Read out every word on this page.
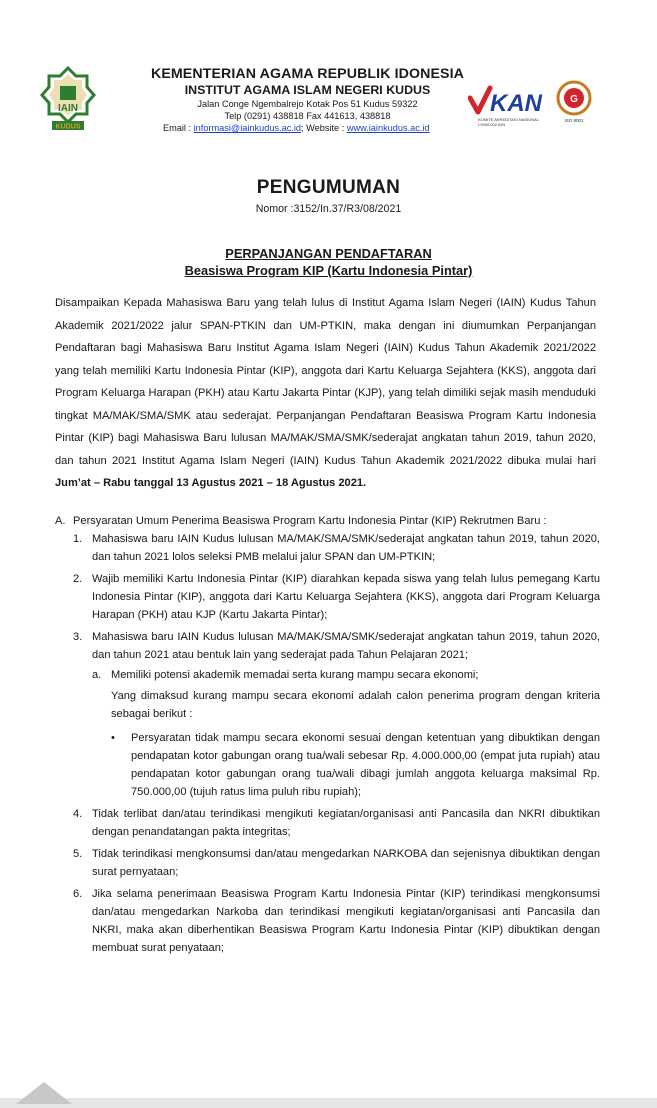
IAIN
KUDUS
KEMENTERIAN AGAMA REPUBLIK IDONESIA
INSTITUT AGAMA ISLAM NEGERI KUDUS
Jalan Conge Ngembalrejo Kotak Pos 51 Kudus 59322
Telp (0291) 438818 Fax 441613, 438818
Email : informasi@iainkudus.ac.id; Website : www.iainkudus.ac.id
KAN
KOMITE AKREDITASI NASIONAL LSSM-002-IDN
G
ISO 9001
PENGUMUMAN
Nomor :3152/In.37/R3/08/2021
PERPANJANGAN PENDAFTARAN
Beasiswa Program KIP (Kartu Indonesia Pintar)
Disampaikan Kepada Mahasiswa Baru yang telah lulus di Institut Agama Islam Negeri (IAIN) Kudus Tahun Akademik 2021/2022 jalur SPAN-PTKIN dan UM-PTKIN, maka dengan ini diumumkan Perpanjangan Pendaftaran bagi Mahasiswa Baru Institut Agama Islam Negeri (IAIN) Kudus Tahun Akademik 2021/2022 yang telah memiliki Kartu Indonesia Pintar (KIP), anggota dari Kartu Keluarga Sejahtera (KKS), anggota dari Program Keluarga Harapan (PKH) atau Kartu Jakarta Pintar (KJP), yang telah dimiliki sejak masih menduduki tingkat MA/MAK/SMA/SMK atau sederajat. Perpanjangan Pendaftaran Beasiswa Program Kartu Indonesia Pintar (KIP) bagi Mahasiswa Baru lulusan MA/MAK/SMA/SMK/sederajat angkatan tahun 2019, tahun 2020, dan tahun 2021 Institut Agama Islam Negeri (IAIN) Kudus Tahun Akademik 2021/2022 dibuka mulai hari Jum’at – Rabu tanggal 13 Agustus 2021 – 18 Agustus 2021.
A. Persyaratan Umum Penerima Beasiswa Program Kartu Indonesia Pintar (KIP) Rekrutmen Baru :
1. Mahasiswa baru IAIN Kudus lulusan MA/MAK/SMA/SMK/sederajat angkatan tahun 2019, tahun 2020, dan tahun 2021 lolos seleksi PMB melalui jalur SPAN dan UM-PTKIN;
2. Wajib memiliki Kartu Indonesia Pintar (KIP) diarahkan kepada siswa yang telah lulus pemegang Kartu Indonesia Pintar (KIP), anggota dari Kartu Keluarga Sejahtera (KKS), anggota dari Program Keluarga Harapan (PKH) atau KJP (Kartu Jakarta Pintar);
3. Mahasiswa baru IAIN Kudus lulusan MA/MAK/SMA/SMK/sederajat angkatan tahun 2019, tahun 2020, dan tahun 2021 atau bentuk lain yang sederajat pada Tahun Pelajaran 2021;
a. Memiliki potensi akademik memadai serta kurang mampu secara ekonomi;
Yang dimaksud kurang mampu secara ekonomi adalah calon penerima program dengan kriteria sebagai berikut :
• Persyaratan tidak mampu secara ekonomi sesuai dengan ketentuan yang dibuktikan dengan pendapatan kotor gabungan orang tua/wali sebesar Rp. 4.000.000,00 (empat juta rupiah) atau pendapatan kotor gabungan orang tua/wali dibagi jumlah anggota keluarga maksimal Rp. 750.000,00 (tujuh ratus lima puluh ribu rupiah);
4. Tidak terlibat dan/atau terindikasi mengikuti kegiatan/organisasi anti Pancasila dan NKRI dibuktikan dengan penandatangan pakta integritas;
5. Tidak terindikasi mengkonsumsi dan/atau mengedarkan NARKOBA dan sejenisnya dibuktikan dengan surat pernyataan;
6. Jika selama penerimaan Beasiswa Program Kartu Indonesia Pintar (KIP) terindikasi mengkonsumsi dan/atau mengedarkan Narkoba dan terindikasi mengikuti kegiatan/organisasi anti Pancasila dan NKRI, maka akan diberhentikan Beasiswa Program Kartu Indonesia Pintar (KIP) dibuktikan dengan membuat surat penyataan;
